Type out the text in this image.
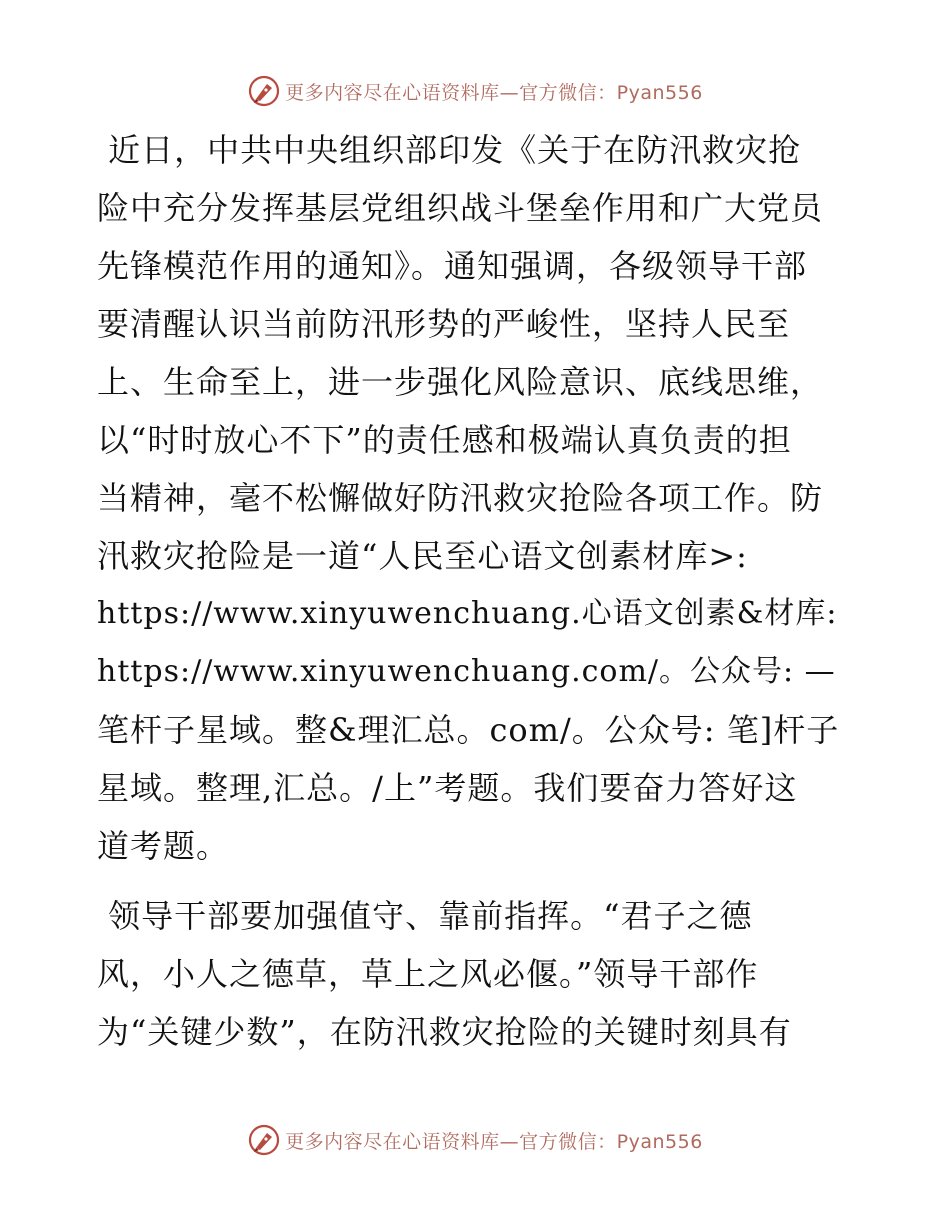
更多内容尽在心语资料库—官方微信：Pyan556

近日，中共中央组织部印发《关于在防汛救灾抢
险中充分发挥基层党组织战斗堡垒作用和广大党员
先锋模范作用的通知》。通知强调，各级领导干部
要清醒认识当前防汛形势的严峻性，坚持人民至
上、生命至上，进一步强化风险意识、底线思维，
以“时时放心不下”的责任感和极端认真负责的担
当精神，毫不松懈做好防汛救灾抢险各项工作。防
汛救灾抢险是一道“人民至心语文创素材库>:
https://www.xinyuwenchuang.心语文创素&材库:
https://www.xinyuwenchuang.com/。公众号: —
笔杆子星域。整&理汇总。com/。公众号: 笔]杆子
星域。整理,汇总。/上”考题。我们要奋力答好这
道考题。

领导干部要加强值守、靠前指挥。“君子之德
风，小人之德草，草上之风必偃。”领导干部作
为“关键少数”，在防汛救灾抢险的关键时刻具有

更多内容尽在心语资料库—官方微信：Pyan556
